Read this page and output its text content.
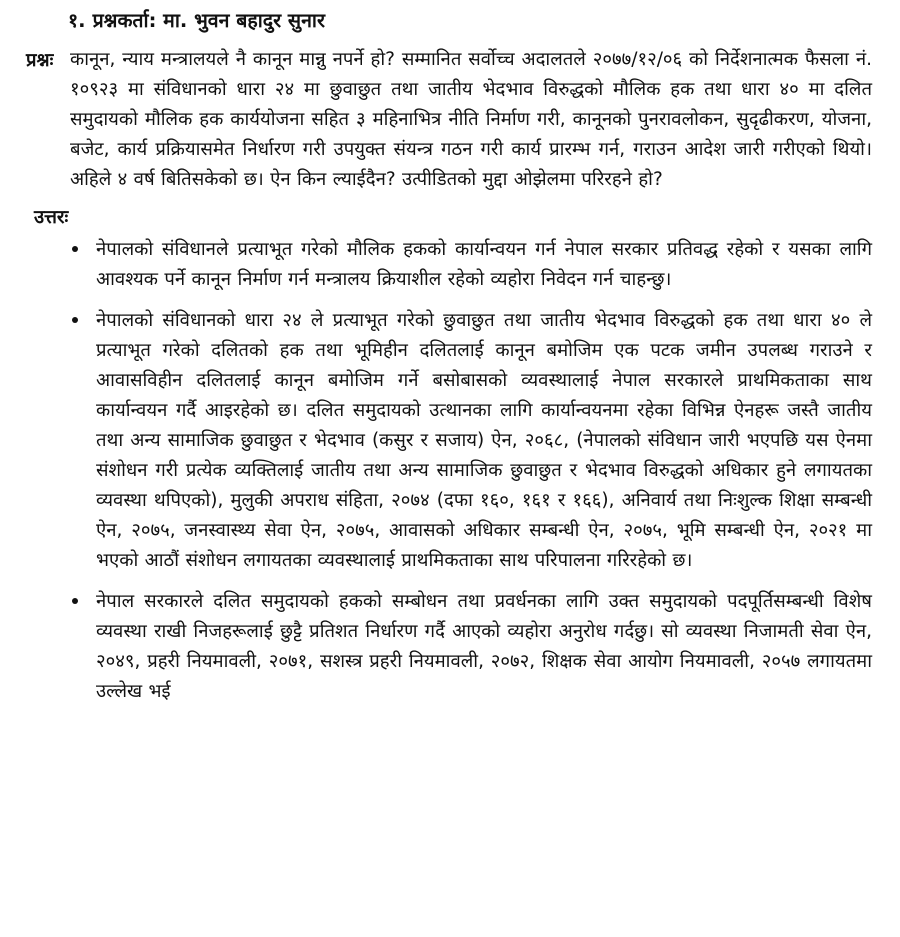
१. प्रश्नकर्ता: मा. भुवन बहादुर सुनार
प्रश्नः कानून, न्याय मन्त्रालयले नै कानून मान्नु नपर्ने हो? सम्मानित सर्वोच्च अदालतले २०७७/१२/०६ को निर्देशनात्मक फैसला नं. १०९२३ मा संविधानको धारा २४ मा छुवाछुत तथा जातीय भेदभाव विरुद्धको मौलिक हक तथा धारा ४० मा दलित समुदायको मौलिक हक कार्ययोजना सहित ३ महिनाभित्र नीति निर्माण गरी, कानूनको पुनरावलोकन, सुदृढीकरण, योजना, बजेट, कार्य प्रक्रियासमेत निर्धारण गरी उपयुक्त संयन्त्र गठन गरी कार्य प्रारम्भ गर्न, गराउन आदेश जारी गरीएको थियो। अहिले ४ वर्ष बितिसकेको छ। ऐन किन ल्याईदैन? उत्पीडितको मुद्दा ओझेलमा परिरहने हो?
उत्तरः
नेपालको संविधानले प्रत्याभूत गरेको मौलिक हकको कार्यान्वयन गर्न नेपाल सरकार प्रतिवद्ध रहेको र यसका लागि आवश्यक पर्ने कानून निर्माण गर्न मन्त्रालय क्रियाशील रहेको व्यहोरा निवेदन गर्न चाहन्छु।
नेपालको संविधानको धारा २४ ले प्रत्याभूत गरेको छुवाछुत तथा जातीय भेदभाव विरुद्धको हक तथा धारा ४० ले प्रत्याभूत गरेको दलितको हक तथा भूमिहीन दलितलाई कानून बमोजिम एक पटक जमीन उपलब्ध गराउने र आवासविहीन दलितलाई कानून बमोजिम गर्ने बसोबासको व्यवस्थालाई नेपाल सरकारले प्राथमिकताका साथ कार्यान्वयन गर्दै आइरहेको छ। दलित समुदायको उत्थानका लागि कार्यान्वयनमा रहेका विभिन्न ऐनहरू जस्तै जातीय तथा अन्य सामाजिक छुवाछुत र भेदभाव (कसुर र सजाय) ऐन, २०६८, (नेपालको संविधान जारी भएपछि यस ऐनमा संशोधन गरी प्रत्येक व्यक्तिलाई जातीय तथा अन्य सामाजिक छुवाछुत र भेदभाव विरुद्धको अधिकार हुने लगायतका व्यवस्था थपिएको), मुलुकी अपराध संहिता, २०७४ (दफा १६०, १६१ र १६६), अनिवार्य तथा निःशुल्क शिक्षा सम्बन्धी ऐन, २०७५, जनस्वास्थ्य सेवा ऐन, २०७५, आवासको अधिकार सम्बन्धी ऐन, २०७५, भूमि सम्बन्धी ऐन, २०२१ मा भएको आठौं संशोधन लगायतका व्यवस्थालाई प्राथमिकताका साथ परिपालना गरिरहेको छ।
नेपाल सरकारले दलित समुदायको हकको सम्बोधन तथा प्रवर्धनका लागि उक्त समुदायको पदपूर्तिसम्बन्धी विशेष व्यवस्था राखी निजहरूलाई छुट्टै प्रतिशत निर्धारण गर्दै आएको व्यहोरा अनुरोध गर्दछु। सो व्यवस्था निजामती सेवा ऐन, २०४९, प्रहरी नियमावली, २०७१, सशस्त्र प्रहरी नियमावली, २०७२, शिक्षक सेवा आयोग नियमावली, २०५७ लगायतमा उल्लेख भई
